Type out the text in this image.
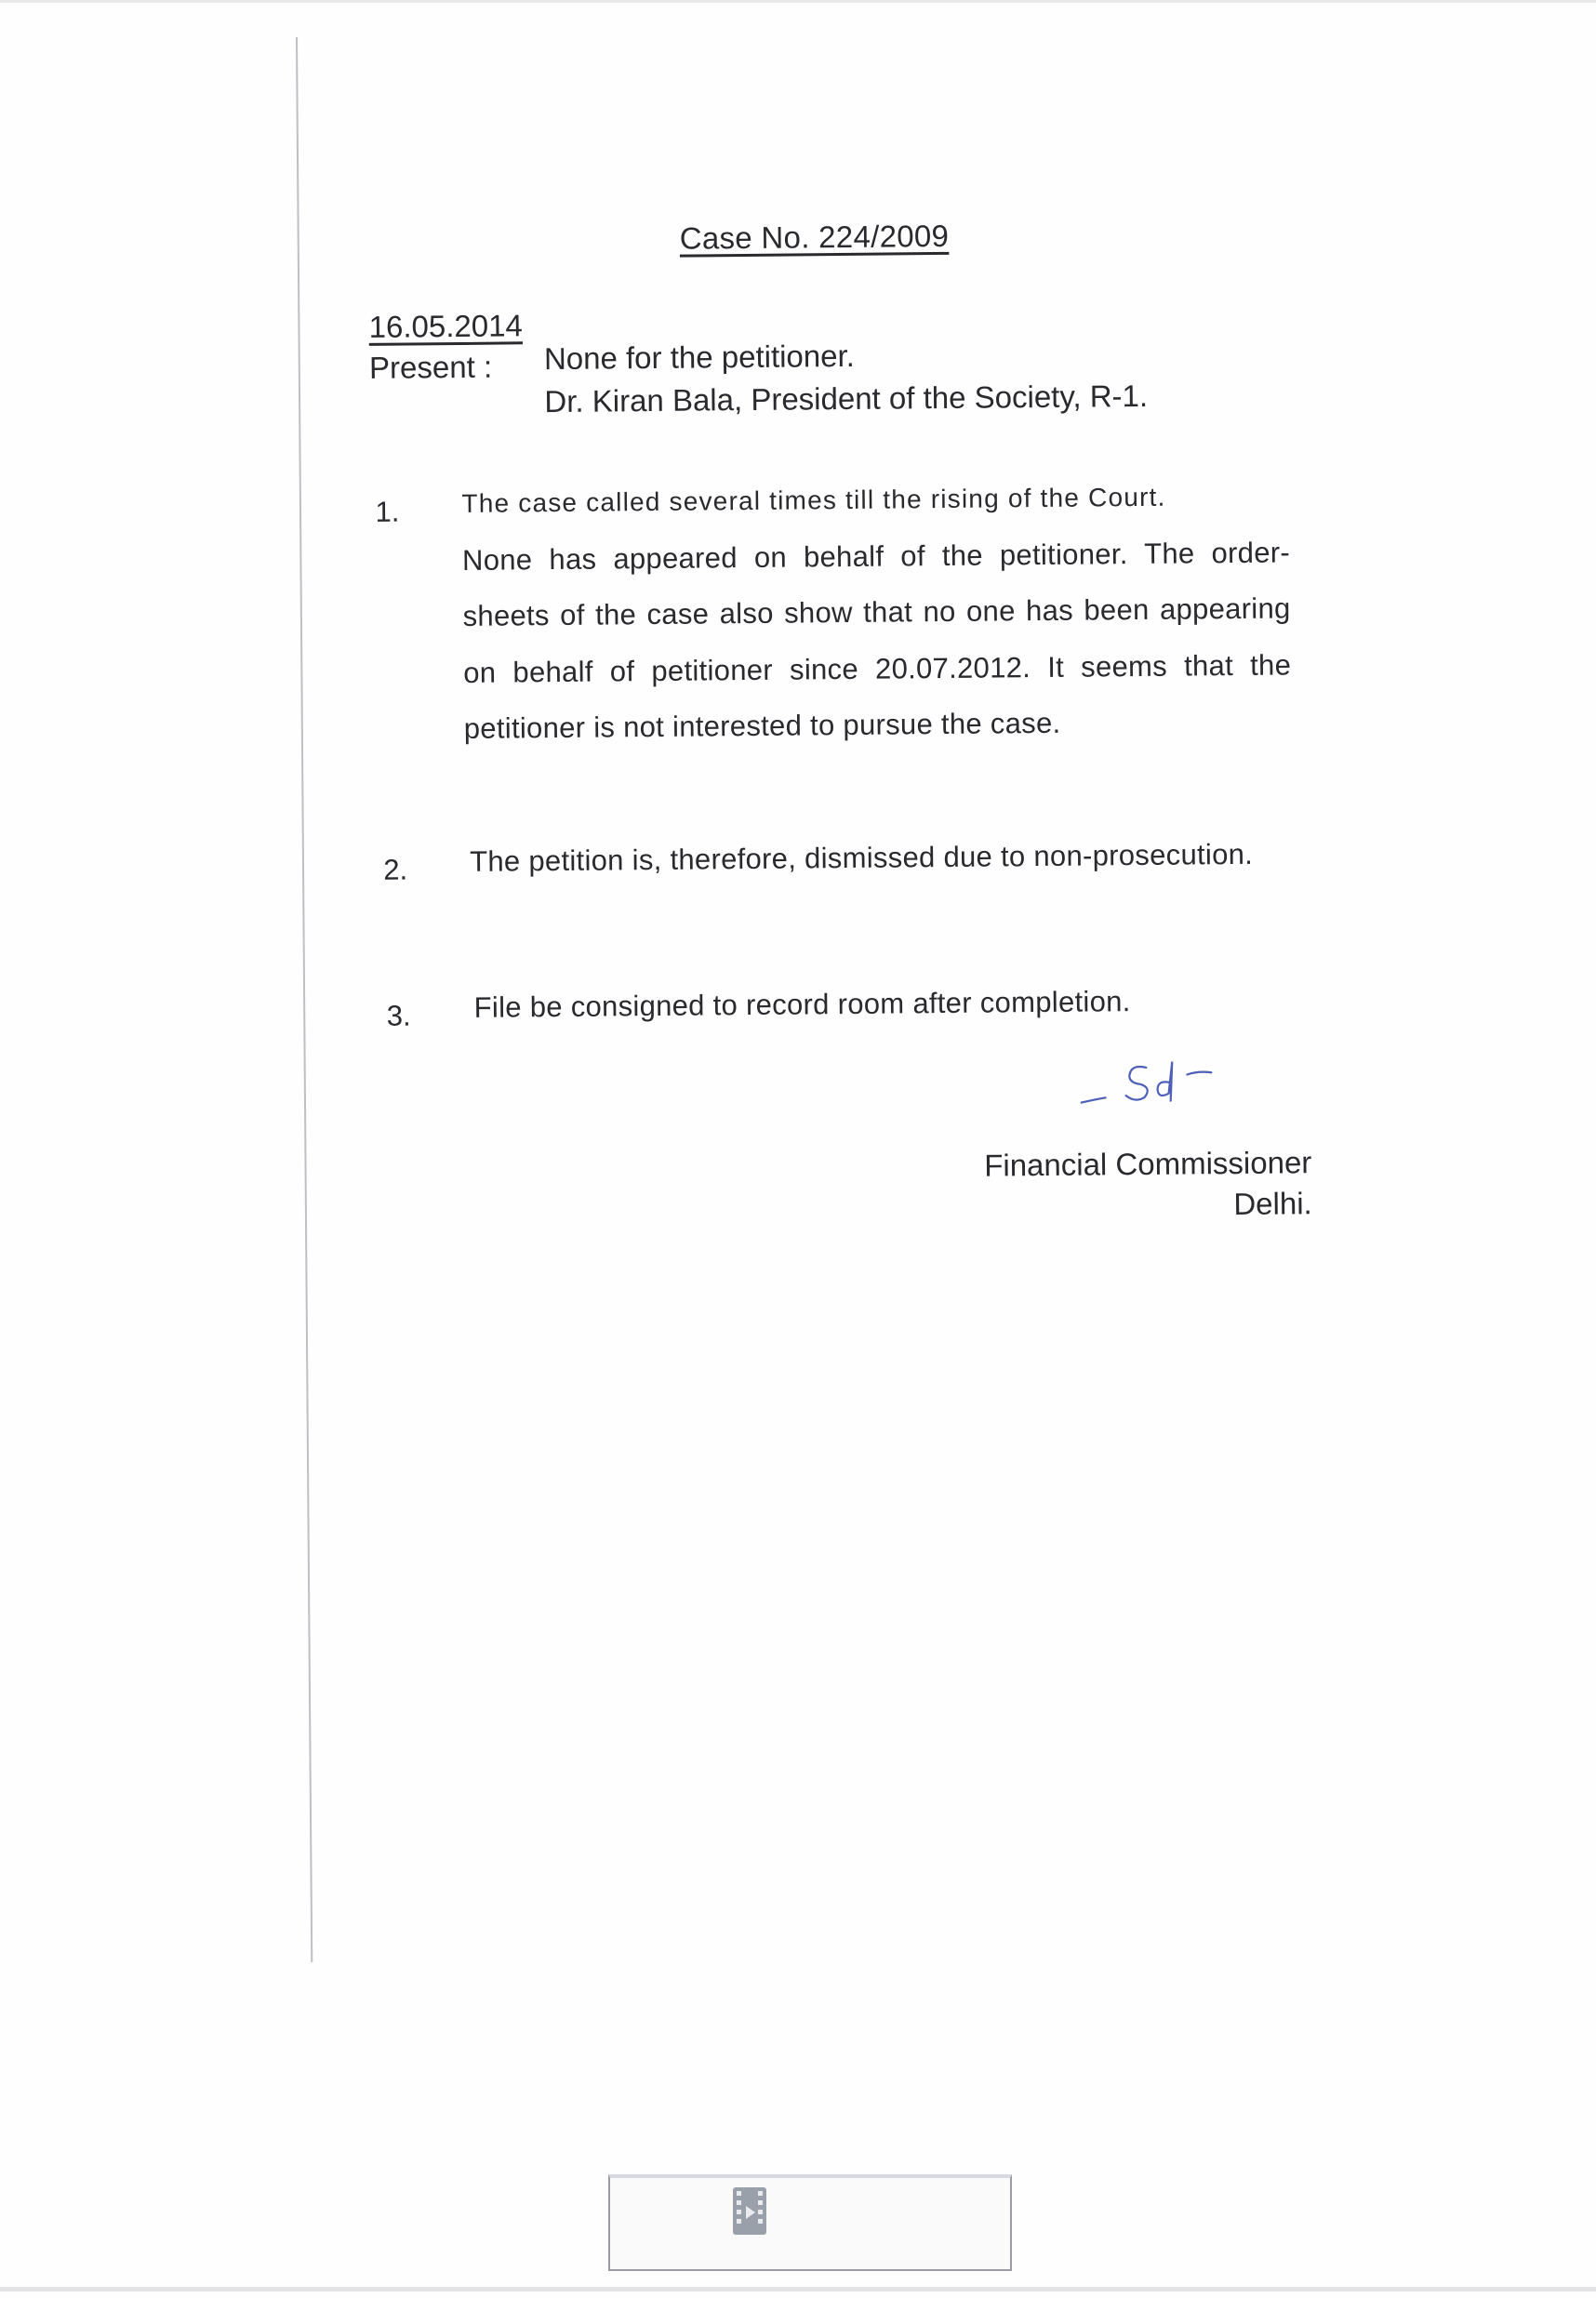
Case No. 224/2009
16.05.2014
Present : None for the petitioner.
Dr. Kiran Bala, President of the Society, R-1.
1. The case called several times till the rising of the Court.
None has appeared on behalf of the petitioner. The order-sheets of the case also show that no one has been appearing on behalf of petitioner since 20.07.2012. It seems that the petitioner is not interested to pursue the case.
2. The petition is, therefore, dismissed due to non-prosecution.
3. File be consigned to record room after completion.
Financial Commissioner
Delhi.
